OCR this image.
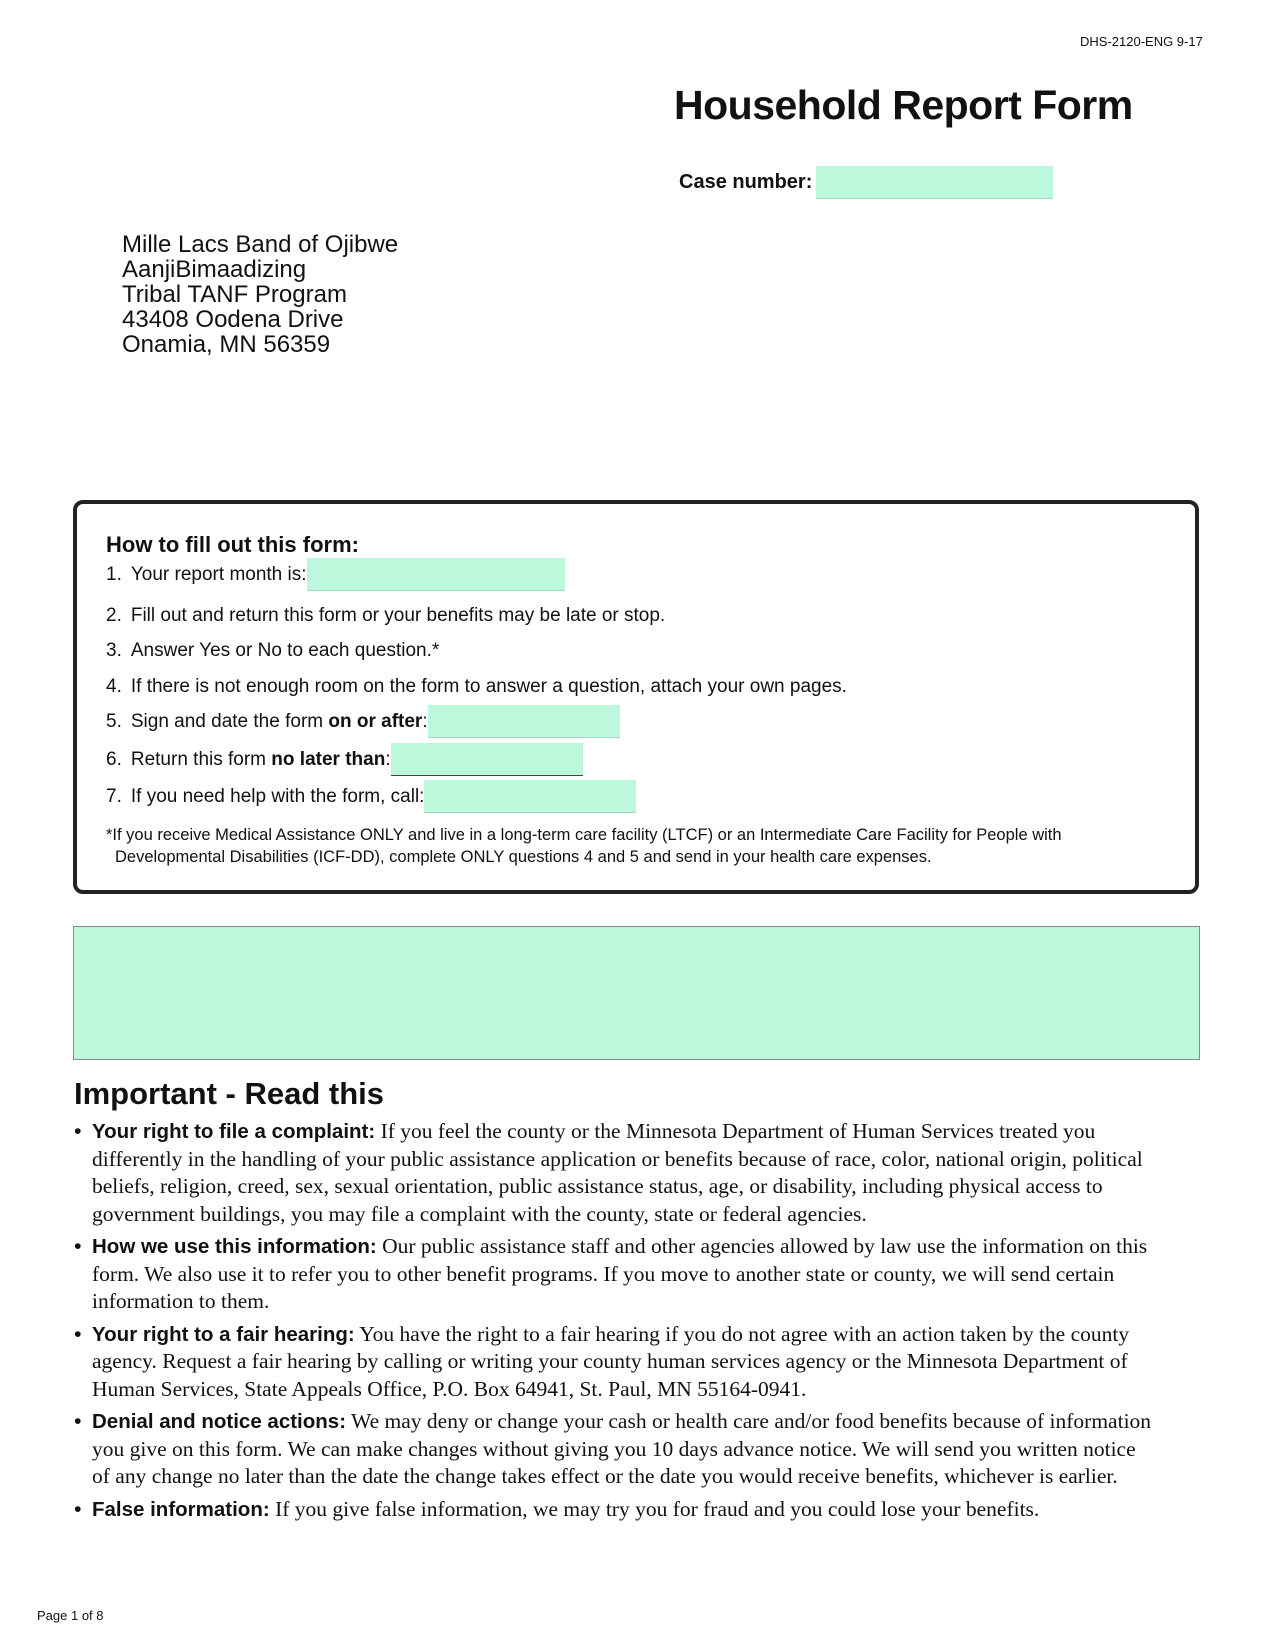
DHS-2120-ENG 9-17
Household Report Form
Case number:
Mille Lacs Band of Ojibwe
AanjiBimaadizing
Tribal TANF Program
43408 Oodena Drive
Onamia, MN 56359
How to fill out this form:
1. Your report month is:
2. Fill out and return this form or your benefits may be late or stop.
3. Answer Yes or No to each question.*
4. If there is not enough room on the form to answer a question, attach your own pages.
5. Sign and date the form on or after :
6. Return this form no later than :
7. If you need help with the form, call:
*If you receive Medical Assistance ONLY and live in a long-term care facility (LTCF) or an Intermediate Care Facility for People with
Developmental Disabilities (ICF-DD), complete ONLY questions 4 and 5 and send in your health care expenses.
Important - Read this
• Your right to file a complaint: If you feel the county or the Minnesota Department of Human Services treated you differently in the handling of your public assistance application or benefits because of race, color, national origin, political beliefs, religion, creed, sex, sexual orientation, public assistance status, age, or disability, including physical access to government buildings, you may file a complaint with the county, state or federal agencies.
• How we use this information: Our public assistance staff and other agencies allowed by law use the information on this form. We also use it to refer you to other benefit programs. If you move to another state or county, we will send certain information to them.
• Your right to a fair hearing: You have the right to a fair hearing if you do not agree with an action taken by the county agency. Request a fair hearing by calling or writing your county human services agency or the Minnesota Department of Human Services, State Appeals Office, P.O. Box 64941, St. Paul, MN 55164-0941.
• Denial and notice actions: We may deny or change your cash or health care and/or food benefits because of information you give on this form. We can make changes without giving you 10 days advance notice. We will send you written notice of any change no later than the date the change takes effect or the date you would receive benefits, whichever is earlier.
• False information: If you give false information, we may try you for fraud and you could lose your benefits.
Page 1 of 8
